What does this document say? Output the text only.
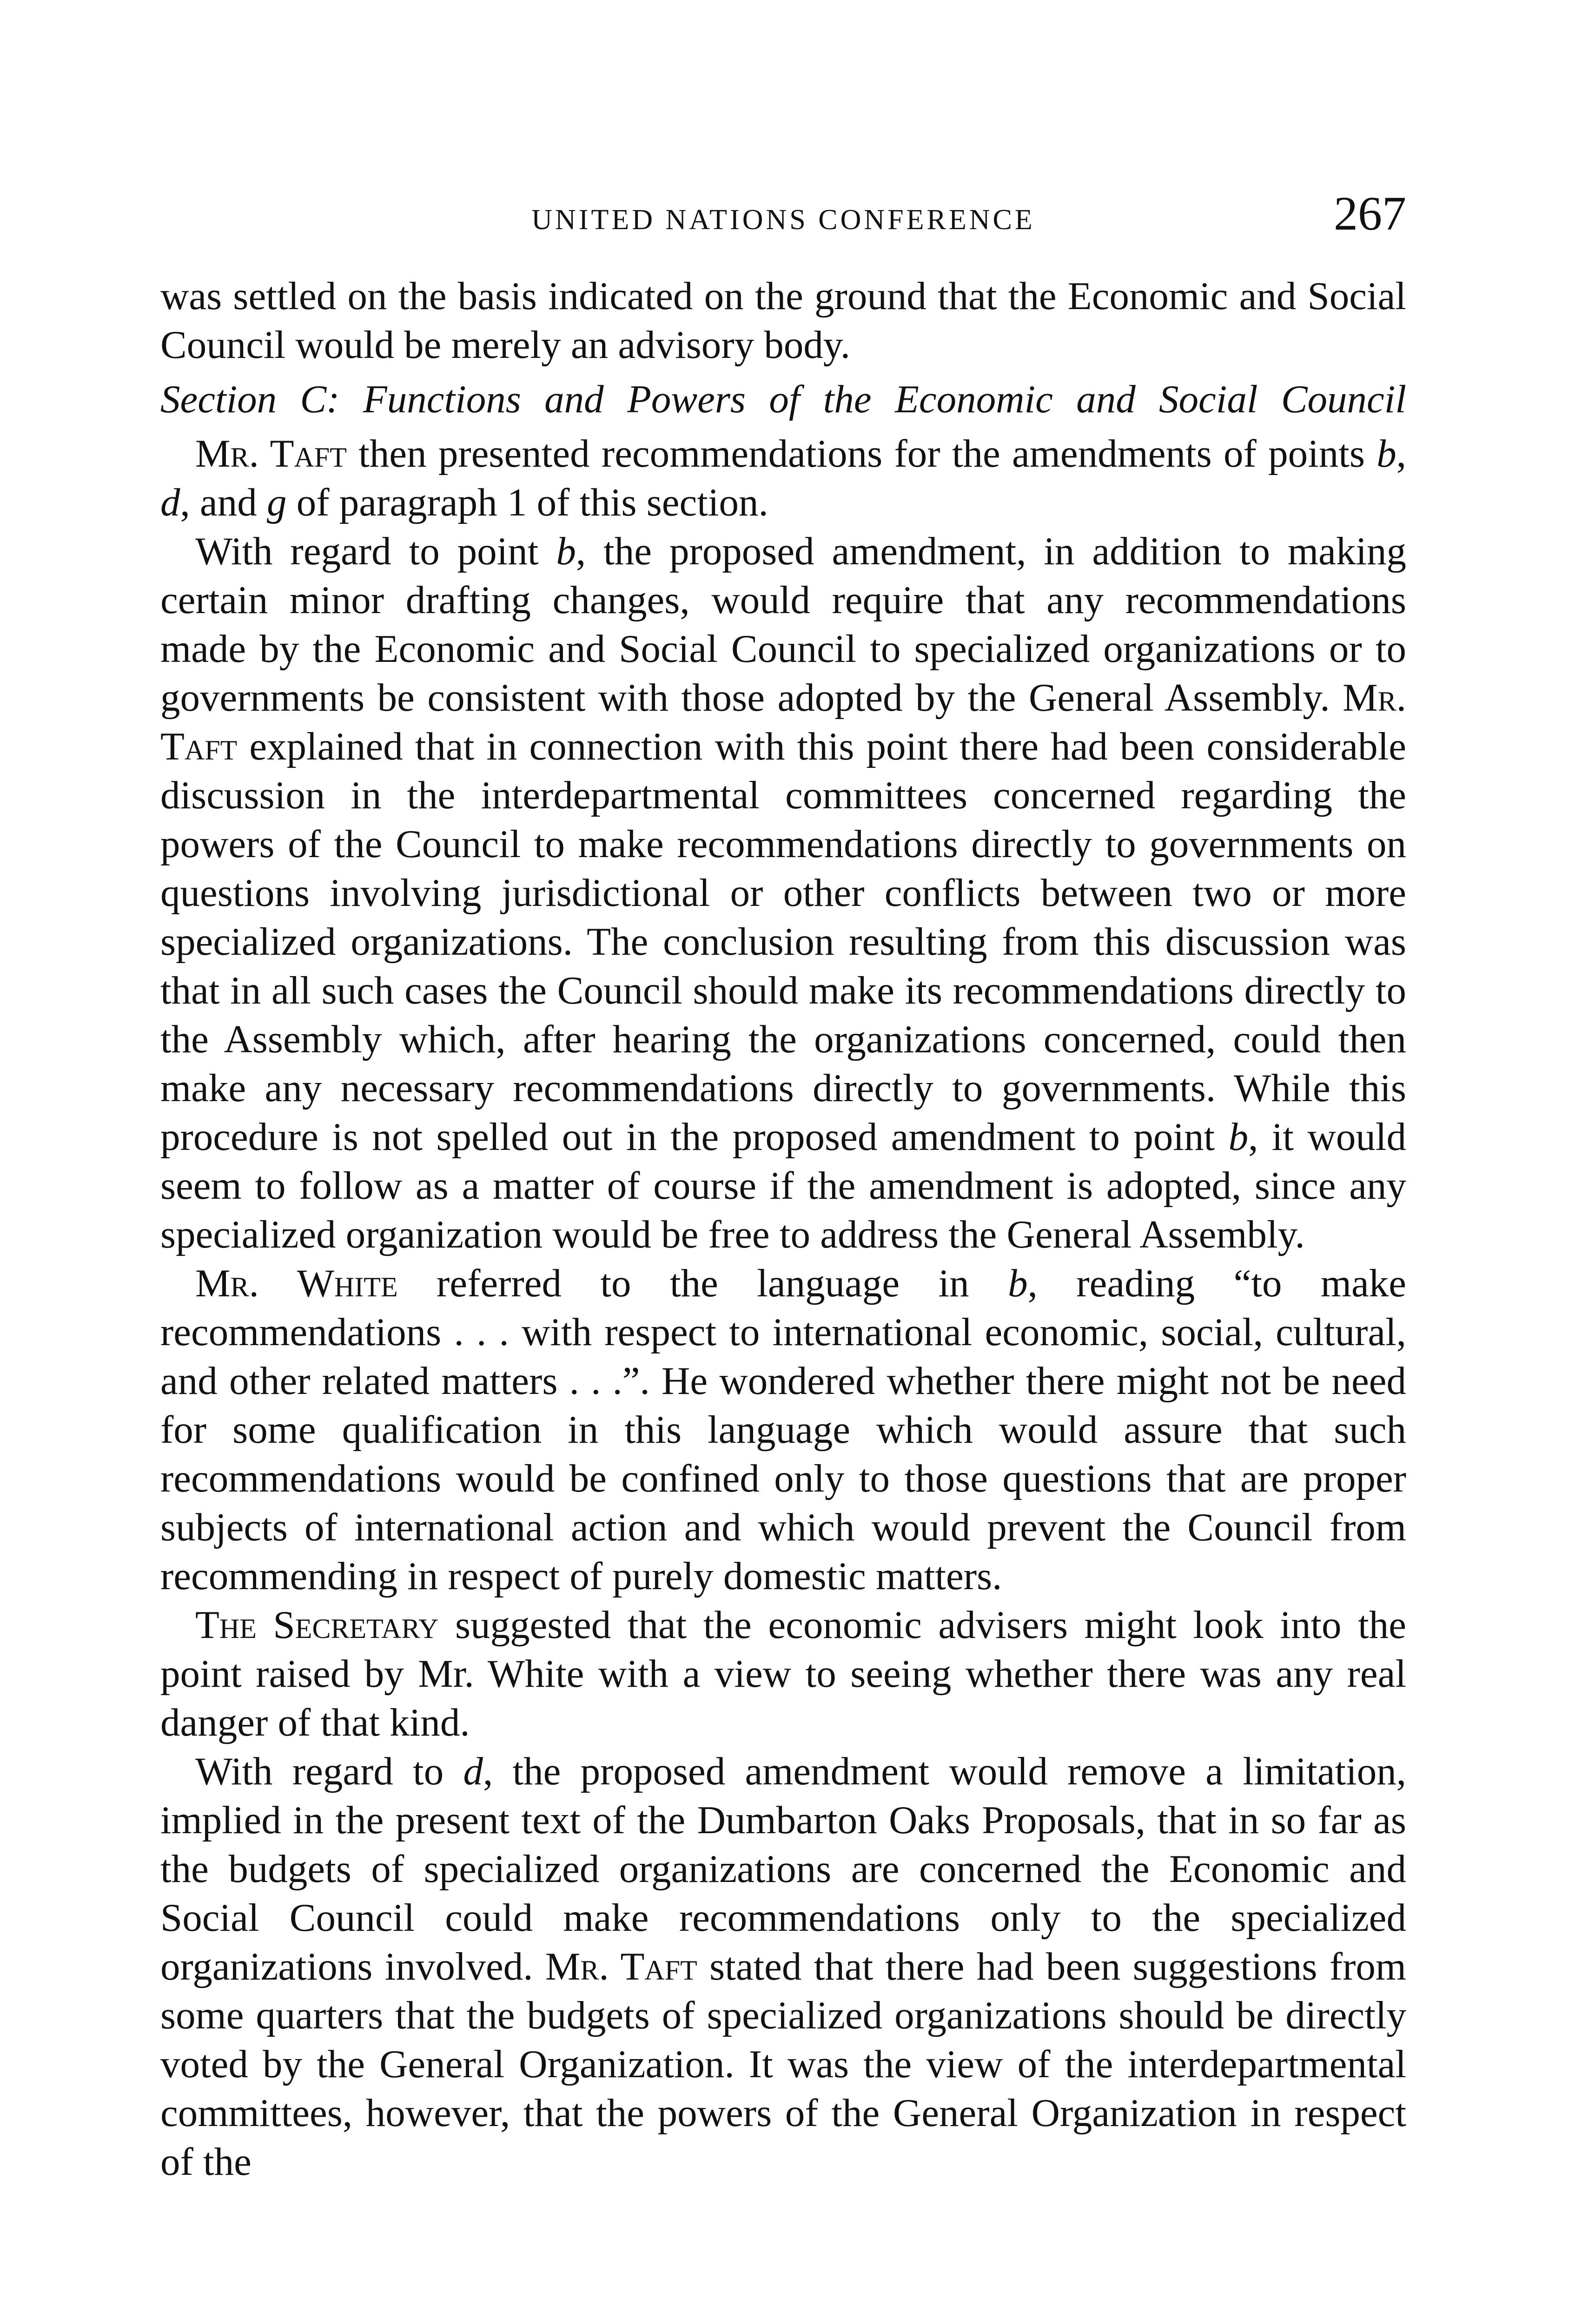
UNITED NATIONS CONFERENCE	267

was settled on the basis indicated on the ground that the Economic and Social Council would be merely an advisory body.

Section C: Functions and Powers of the Economic and Social Council

Mr. Taft then presented recommendations for the amendments of points b, d, and g of paragraph 1 of this section.

With regard to point b, the proposed amendment, in addition to making certain minor drafting changes, would require that any recommendations made by the Economic and Social Council to specialized organizations or to governments be consistent with those adopted by the General Assembly. Mr. Taft explained that in connection with this point there had been considerable discussion in the interdepartmental committees concerned regarding the powers of the Council to make recommendations directly to governments on questions involving jurisdictional or other conflicts between two or more specialized organizations. The conclusion resulting from this discussion was that in all such cases the Council should make its recommendations directly to the Assembly which, after hearing the organizations concerned, could then make any necessary recommendations directly to governments. While this procedure is not spelled out in the proposed amendment to point b, it would seem to follow as a matter of course if the amendment is adopted, since any specialized organization would be free to address the General Assembly.

Mr. White referred to the language in b, reading “to make recommendations . . . with respect to international economic, social, cultural, and other related matters . . .”. He wondered whether there might not be need for some qualification in this language which would assure that such recommendations would be confined only to those questions that are proper subjects of international action and which would prevent the Council from recommending in respect of purely domestic matters.

The Secretary suggested that the economic advisers might look into the point raised by Mr. White with a view to seeing whether there was any real danger of that kind.

With regard to d, the proposed amendment would remove a limitation, implied in the present text of the Dumbarton Oaks Proposals, that in so far as the budgets of specialized organizations are concerned the Economic and Social Council could make recommendations only to the specialized organizations involved. Mr. Taft stated that there had been suggestions from some quarters that the budgets of specialized organizations should be directly voted by the General Organization. It was the view of the interdepartmental committees, however, that the powers of the General Organization in respect of the
